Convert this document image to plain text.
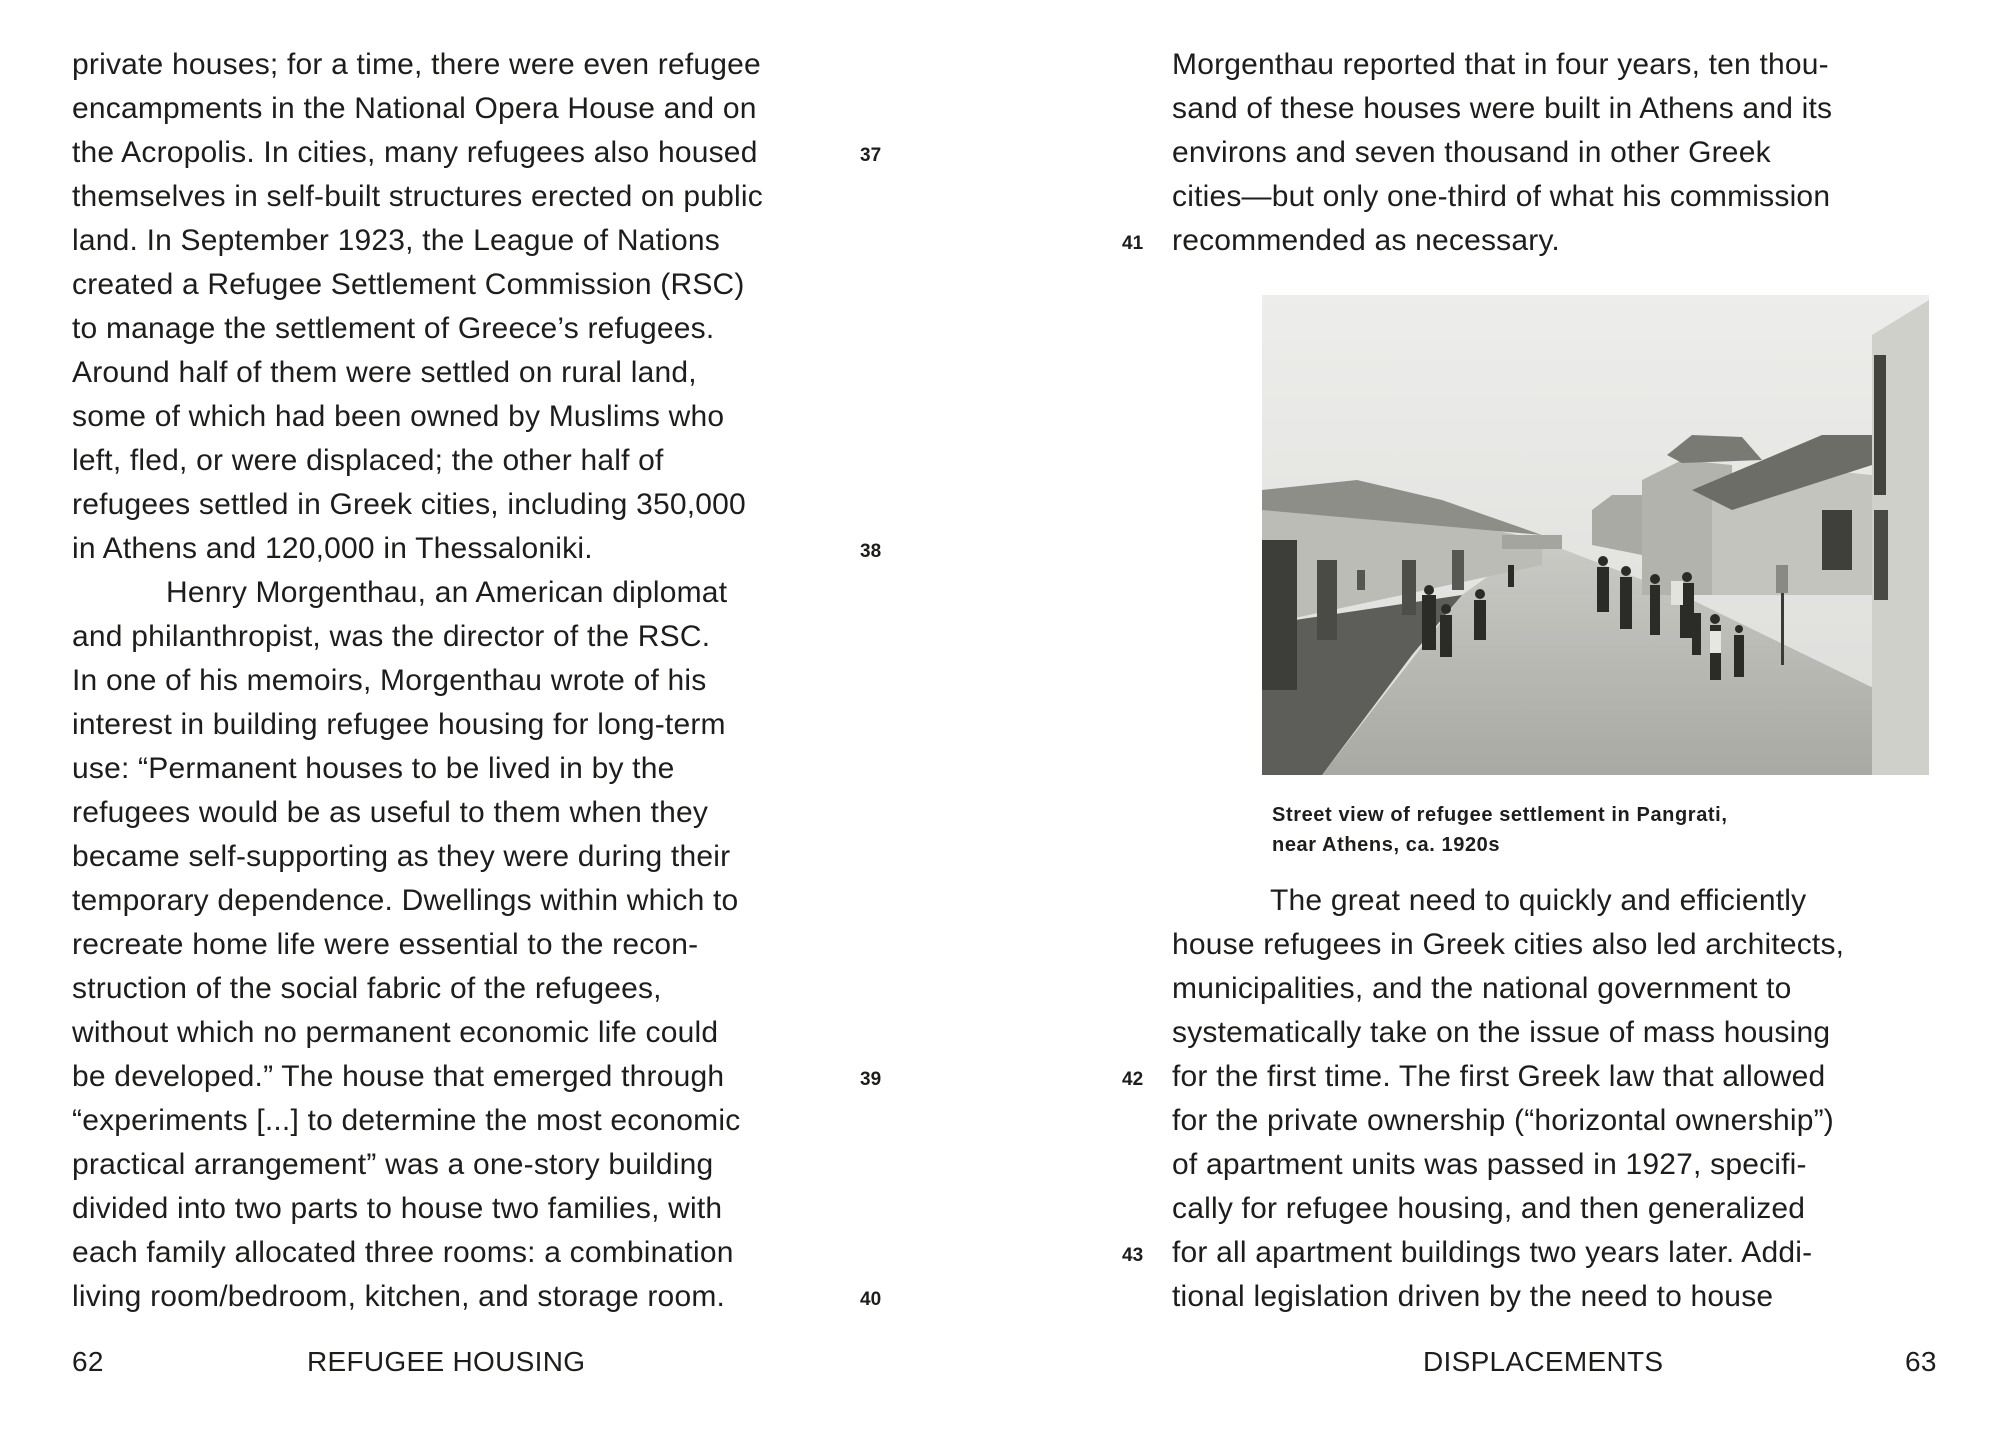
private houses; for a time, there were even refugee
encampments in the National Opera House and on
the Acropolis. In cities, many refugees also housed
themselves in self-built structures erected on public
land. In September 1923, the League of Nations
created a Refugee Settlement Commission (RSC)
to manage the settlement of Greece’s refugees.
Around half of them were settled on rural land,
some of which had been owned by Muslims who
left, fled, or were displaced; the other half of
refugees settled in Greek cities, including 350,000
in Athens and 120,000 in Thessaloniki.
Henry Morgenthau, an American diplomat
and philanthropist, was the director of the RSC.
In one of his memoirs, Morgenthau wrote of his
interest in building refugee housing for long-term
use: “Permanent houses to be lived in by the
refugees would be as useful to them when they
became self-supporting as they were during their
temporary dependence. Dwellings within which to
recreate home life were essential to the recon-
struction of the social fabric of the refugees,
without which no permanent economic life could
be developed.” The house that emerged through
“experiments [...] to determine the most economic
practical arrangement” was a one-story building
divided into two parts to house two families, with
each family allocated three rooms: a combination
living room/bedroom, kitchen, and storage room.
37
38
39
40
62	REFUGEE HOUSING
Morgenthau reported that in four years, ten thou-
sand of these houses were built in Athens and its
environs and seven thousand in other Greek
cities—but only one-third of what his commission
recommended as necessary.
Street view of refugee settlement in Pangrati,
near Athens, ca. 1920s
The great need to quickly and efficiently
house refugees in Greek cities also led architects,
municipalities, and the national government to
systematically take on the issue of mass housing
for the first time. The first Greek law that allowed
for the private ownership (“horizontal ownership”)
of apartment units was passed in 1927, specifi-
cally for refugee housing, and then generalized
for all apartment buildings two years later. Addi-
tional legislation driven by the need to house
41
42
43
DISPLACEMENTS	63
